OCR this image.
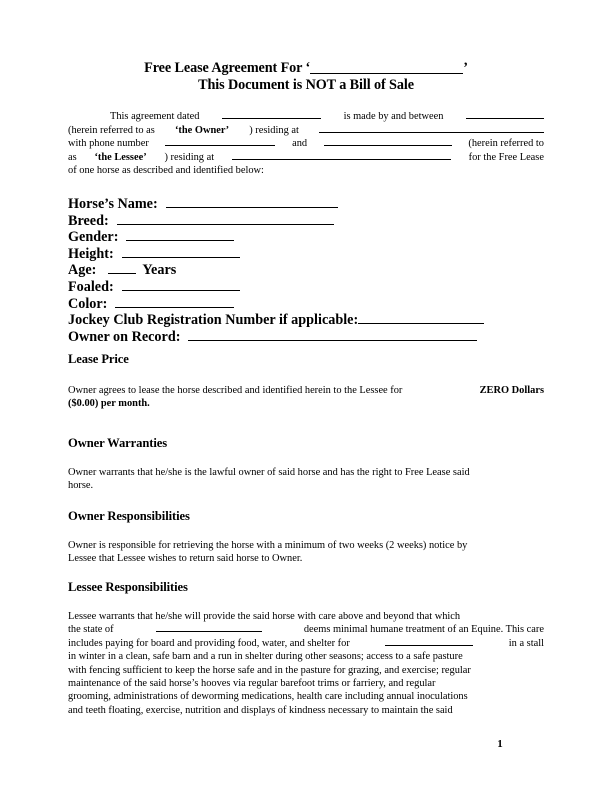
Free Lease Agreement For ‘	’
This Document is NOT a Bill of Sale
This agreement dated	is made by and between
(herein referred to as ‘the Owner’ ) residing at
with phone number	and	(herein referred to
as ‘the Lessee’ ) residing at	for the Free Lease
of one horse as described and identified below:
Horse’s Name:
Breed:
Gender:
Height:
Age:	Years
Foaled:
Color:
Jockey Club Registration Number if applicable:
Owner on Record:
Lease Price
Owner agrees to lease the horse described and identified herein to the Lessee for	ZERO Dollars
($0.00) per month.
Owner Warranties
Owner warrants that he/she is the lawful owner of said horse and has the right to Free Lease said
horse.
Owner Responsibilities
Owner is responsible for retrieving the horse with a minimum of two weeks (2 weeks) notice by
Lessee that Lessee wishes to return said horse to Owner.
Lessee Responsibilities
Lessee warrants that he/she will provide the said horse with care above and beyond that which
the state of	deems minimal humane treatment of an Equine. This care
includes paying for board and providing food, water, and shelter for	in a stall
in winter in a clean, safe barn and a run in shelter during other seasons; access to a safe pasture
with fencing sufficient to keep the horse safe and in the pasture for grazing, and exercise; regular
maintenance of the said horse’s hooves via regular barefoot trims or farriery, and regular
grooming, administrations of deworming medications, health care including annual inoculations
and teeth floating, exercise, nutrition and displays of kindness necessary to maintain the said
1
